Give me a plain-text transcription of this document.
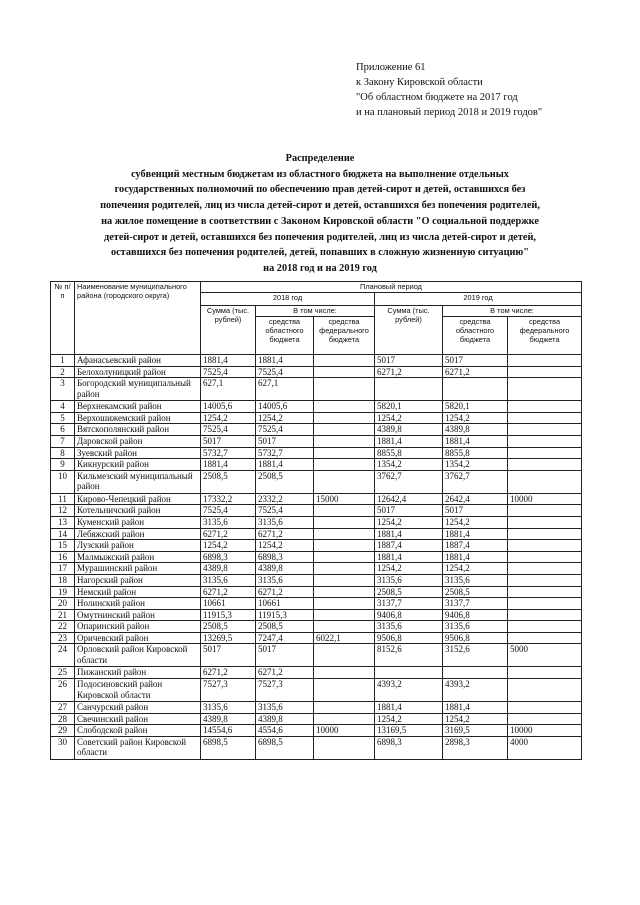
Приложение 61
к Закону Кировской области
"Об областном бюджете на 2017 год
и на плановый период 2018 и 2019 годов"
Распределение
субвенций местным бюджетам из областного бюджета на выполнение отдельных
государственных полномочий по обеспечению прав детей-сирот и детей, оставшихся без
попечения родителей, лиц из числа детей-сирот и детей, оставшихся без попечения родителей,
на жилое помещение в соответствии с Законом Кировской области "О социальной поддержке
детей-сирот и детей, оставшихся без попечения родителей, лиц из числа детей-сирот и детей,
оставшихся без попечения родителей, детей, попавших в сложную жизненную ситуацию"
на 2018 год и на 2019 год
№ п/п	Наименование муниципального района (городского округа)	Плановый период					
		2018 год			2019 год		
		Сумма (тыс. рублей)	В том числе:		Сумма (тыс. рублей)	В том числе:	
			средства областного бюджета	средства федерального бюджета		средства областного бюджета	средства федерального бюджета
1	Афанасьевский район	1881,4	1881,4		5017	5017	
2	Белохолуницкий район	7525,4	7525,4		6271,2	6271,2	
3	Богородский муниципальный район	627,1	627,1				
4	Верхнекамский район	14005,6	14005,6		5820,1	5820,1	
5	Верхошижемский район	1254,2	1254,2		1254,2	1254,2	
6	Вятскополянский район	7525,4	7525,4		4389,8	4389,8	
7	Даровской район	5017	5017		1881,4	1881,4	
8	Зуевский район	5732,7	5732,7		8855,8	8855,8	
9	Кикнурский район	1881,4	1881,4		1354,2	1354,2	
10	Кильмезский муниципальный район	2508,5	2508,5		3762,7	3762,7	
11	Кирово-Чепецкий район	17332,2	2332,2	15000	12642,4	2642,4	10000
12	Котельничский район	7525,4	7525,4		5017	5017	
13	Куменский район	3135,6	3135,6		1254,2	1254,2	
14	Лебяжский район	6271,2	6271,2		1881,4	1881,4	
15	Лузский район	1254,2	1254,2		1887,4	1887,4	
16	Малмыжский район	6898,3	6898,3		1881,4	1881,4	
17	Мурашинский район	4389,8	4389,8		1254,2	1254,2	
18	Нагорский район	3135,6	3135,6		3135,6	3135,6	
19	Немский район	6271,2	6271,2		2508,5	2508,5	
20	Нолинский район	10661	10661		3137,7	3137,7	
21	Омутнинский район	11915,3	11915,3		9406,8	9406,8	
22	Опаринский район	2508,5	2508,5		3135,6	3135,6	
23	Оричевский район	13269,5	7247,4	6022,1	9506,8	9506,8	
24	Орловский район Кировской области	5017	5017		8152,6	3152,6	5000
25	Пижанский район	6271,2	6271,2				
26	Подосиновский район Кировской области	7527,3	7527,3		4393,2	4393,2	
27	Санчурский район	3135,6	3135,6		1881,4	1881,4	
28	Свечинский район	4389,8	4389,8		1254,2	1254,2	
29	Слободской район	14554,6	4554,6	10000	13169,5	3169,5	10000
30	Советский район Кировской области	6898,5	6898,5		6898,3	2898,3	4000
